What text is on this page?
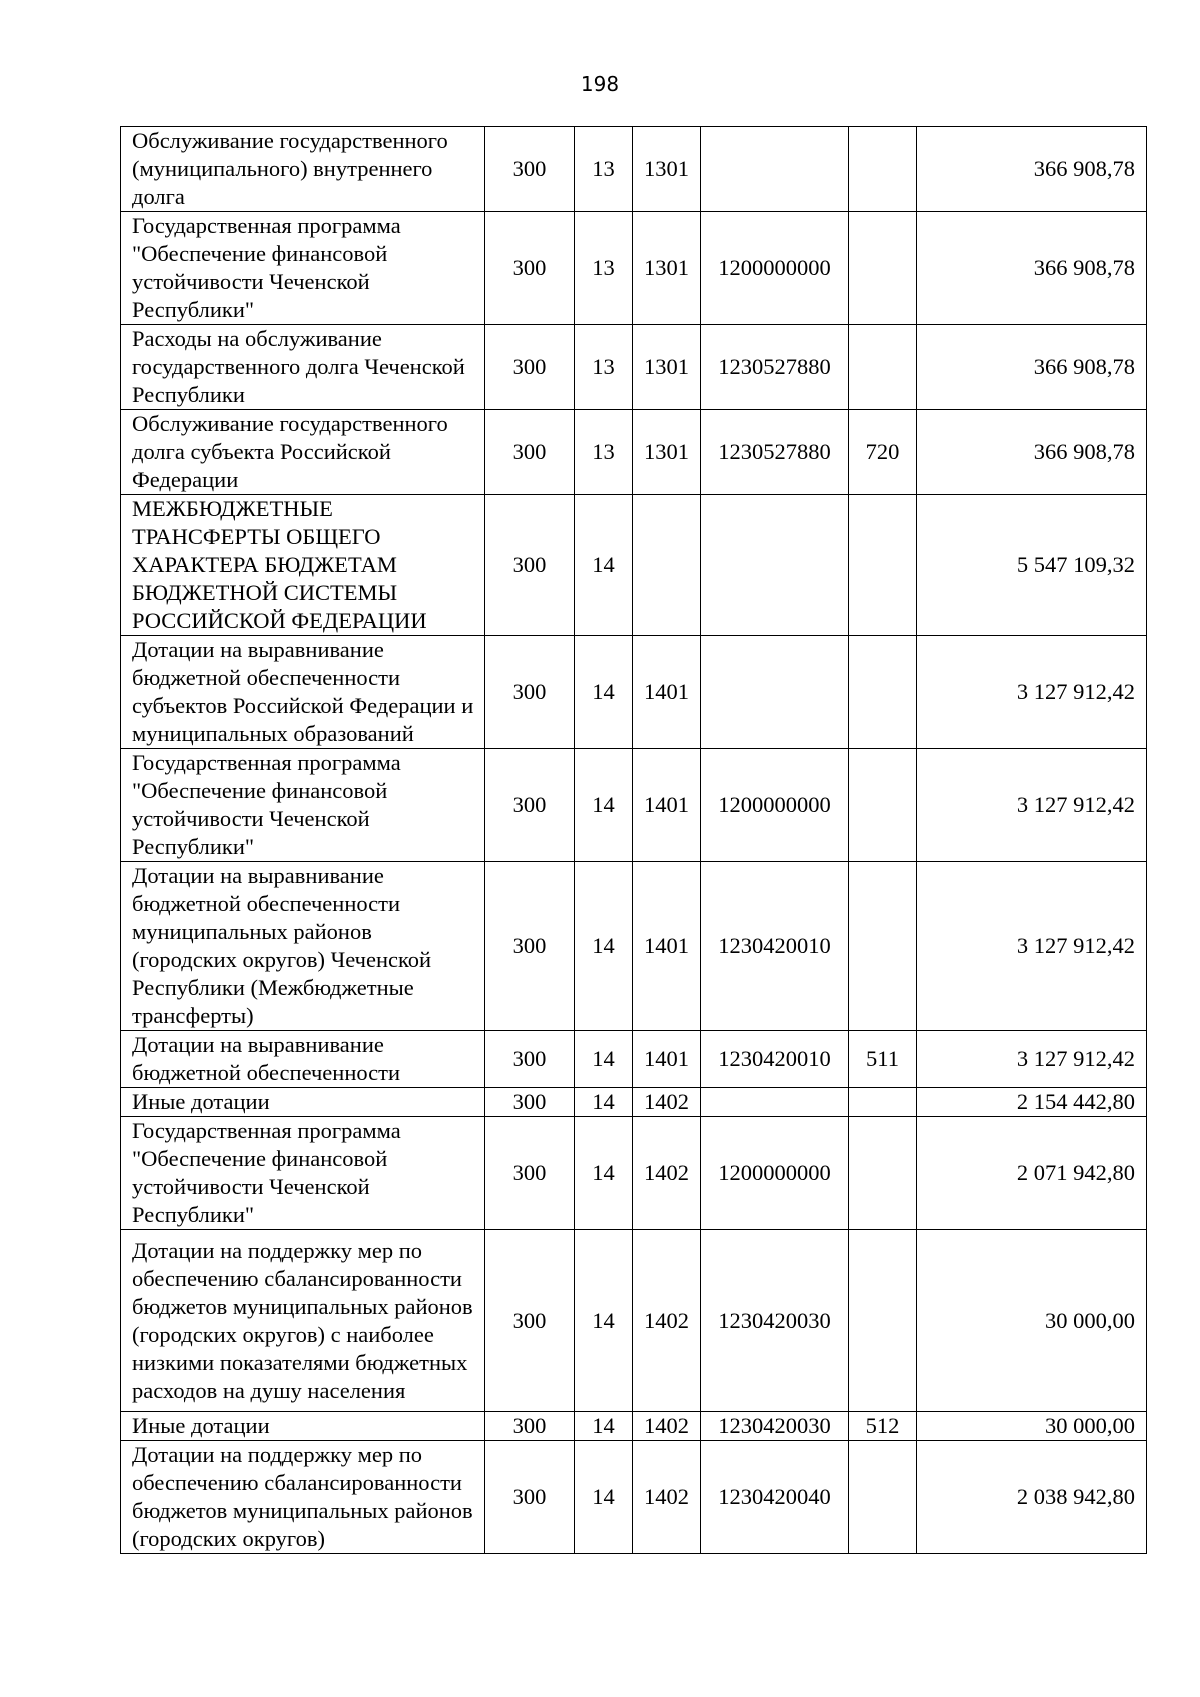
198
Обслуживание государственного (муниципального) внутреннего долга	300	13	1301			366 908,78
Государственная программа "Обеспечение финансовой устойчивости Чеченской Республики"	300	13	1301	1200000000		366 908,78
Расходы на обслуживание государственного долга Чеченской Республики	300	13	1301	1230527880		366 908,78
Обслуживание государственного долга субъекта Российской Федерации	300	13	1301	1230527880	720	366 908,78
МЕЖБЮДЖЕТНЫЕ ТРАНСФЕРТЫ ОБЩЕГО ХАРАКТЕРА БЮДЖЕТАМ БЮДЖЕТНОЙ СИСТЕМЫ РОССИЙСКОЙ ФЕДЕРАЦИИ	300	14				5 547 109,32
Дотации на выравнивание бюджетной обеспеченности субъектов Российской Федерации и муниципальных образований	300	14	1401			3 127 912,42
Государственная программа "Обеспечение финансовой устойчивости Чеченской Республики"	300	14	1401	1200000000		3 127 912,42
Дотации на выравнивание бюджетной обеспеченности муниципальных районов (городских округов) Чеченской Республики (Межбюджетные трансферты)	300	14	1401	1230420010		3 127 912,42
Дотации на выравнивание бюджетной обеспеченности	300	14	1401	1230420010	511	3 127 912,42
Иные дотации	300	14	1402			2 154 442,80
Государственная программа "Обеспечение финансовой устойчивости Чеченской Республики"	300	14	1402	1200000000		2 071 942,80
Дотации на поддержку мер по обеспечению сбалансированности бюджетов муниципальных районов (городских округов) с наиболее низкими показателями бюджетных расходов на душу населения	300	14	1402	1230420030		30 000,00
Иные дотации	300	14	1402	1230420030	512	30 000,00
Дотации на поддержку мер по обеспечению сбалансированности бюджетов муниципальных районов (городских округов)	300	14	1402	1230420040		2 038 942,80
